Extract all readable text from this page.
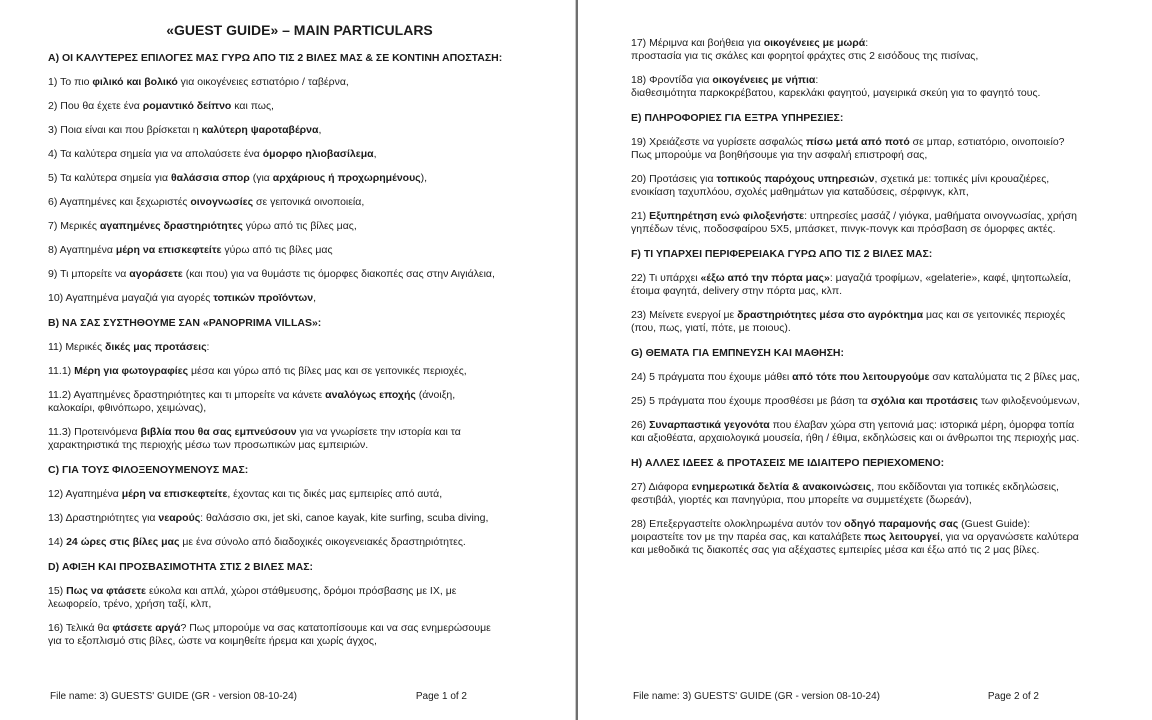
«GUEST GUIDE» – MAIN PARTICULARS

A) ΟΙ ΚΑΛΥΤΕΡΕΣ ΕΠΙΛΟΓΕΣ ΜΑΣ ΓΥΡΩ ΑΠΟ ΤΙΣ 2 ΒΙΛΕΣ ΜΑΣ & ΣΕ ΚΟΝΤΙΝΗ ΑΠΟΣΤΑΣΗ:

1) Το πιο φιλικό και βολικό για οικογένειες εστιατόριο / ταβέρνα,

2) Που θα έχετε ένα ρομαντικό δείπνο και πως,

3) Ποια είναι και που βρίσκεται η καλύτερη ψαροταβέρνα,

4) Τα καλύτερα σημεία για να απολαύσετε ένα όμορφο ηλιοβασίλεμα,

5) Τα καλύτερα σημεία για θαλάσσια σπορ (για αρχάριους ή προχωρημένους),

6) Αγαπημένες και ξεχωριστές οινογνωσίες σε γειτονικά οινοποιεία,

7) Μερικές αγαπημένες δραστηριότητες γύρω από τις βίλες μας,

8) Αγαπημένα μέρη να επισκεφτείτε γύρω από τις βίλες μας

9) Τι μπορείτε να αγοράσετε (και που) για να θυμάστε τις όμορφες διακοπές σας στην Αιγιάλεια,

10) Αγαπημένα μαγαζιά για αγορές τοπικών προϊόντων,

B) ΝΑ ΣΑΣ ΣΥΣΤΗΘΟΥΜΕ ΣΑΝ «PANOPRIMA VILLAS»:

11) Μερικές δικές μας προτάσεις:

11.1) Μέρη για φωτογραφίες μέσα και γύρω από τις βίλες μας και σε γειτονικές περιοχές,

11.2) Αγαπημένες δραστηριότητες και τι μπορείτε να κάνετε αναλόγως εποχής (άνοιξη,
καλοκαίρι, φθινόπωρο, χειμώνας),

11.3) Προτεινόμενα βιβλία που θα σας εμπνεύσουν για να γνωρίσετε την ιστορία και τα
χαρακτηριστικά της περιοχής μέσω των προσωπικών μας εμπειριών.

C) ΓΙΑ ΤΟΥΣ ΦΙΛΟΞΕΝΟΥΜΕΝΟΥΣ ΜΑΣ:

12) Αγαπημένα μέρη να επισκεφτείτε, έχοντας και τις δικές μας εμπειρίες από αυτά,

13) Δραστηριότητες για νεαρούς: θαλάσσιο σκι, jet ski, canoe kayak, kite surfing, scuba diving,

14) 24 ώρες στις βίλες μας με ένα σύνολο από διαδοχικές οικογενειακές δραστηριότητες.

D) ΑΦΙΞΗ ΚΑΙ ΠΡΟΣΒΑΣΙΜΟΤΗΤΑ ΣΤΙΣ 2 ΒΙΛΕΣ ΜΑΣ:

15) Πως να φτάσετε εύκολα και απλά, χώροι στάθμευσης, δρόμοι πρόσβασης με ΙΧ, με
λεωφορείο, τρένο, χρήση ταξί, κλπ,

16) Τελικά θα φτάσετε αργά? Πως μπορούμε να σας κατατοπίσουμε και να σας ενημερώσουμε
για το εξοπλισμό στις βίλες, ώστε να κοιμηθείτε ήρεμα και χωρίς άγχος,

File name: 3) GUESTS' GUIDE (GR - version 08-10-24)	Page 1 of 2

17) Μέριμνα και βοήθεια για οικογένειες με μωρά:
προστασία για τις σκάλες και φορητοί φράχτες στις 2 εισόδους της πισίνας,

18) Φροντίδα για οικογένειες με νήπια:
διαθεσιμότητα παρκοκρέβατου, καρεκλάκι φαγητού, μαγειρικά σκεύη για το φαγητό τους.

E) ΠΛΗΡΟΦΟΡΙΕΣ ΓΙΑ ΕΞΤΡΑ ΥΠΗΡΕΣΙΕΣ:

19) Χρειάζεστε να γυρίσετε ασφαλώς πίσω μετά από ποτό σε μπαρ, εστιατόριο, οινοποιείο?
Πως μπορούμε να βοηθήσουμε για την ασφαλή επιστροφή σας,

20) Προτάσεις για τοπικούς παρόχους υπηρεσιών, σχετικά με: τοπικές μίνι κρουαζιέρες,
ενοικίαση ταχυπλόου, σχολές μαθημάτων για καταδύσεις, σέρφινγκ, κλπ,

21) Εξυπηρέτηση ενώ φιλοξενήστε: υπηρεσίες μασάζ / γιόγκα, μαθήματα οινογνωσίας, χρήση
γηπέδων τένις, ποδοσφαίρου 5Χ5, μπάσκετ, πινγκ-πονγκ και πρόσβαση σε όμορφες ακτές.

F) ΤΙ ΥΠΑΡΧΕΙ ΠΕΡΙΦΕΡΕΙΑΚΑ ΓΥΡΩ ΑΠΟ ΤΙΣ 2 ΒΙΛΕΣ ΜΑΣ:

22) Τι υπάρχει «έξω από την πόρτα μας»: μαγαζιά τροφίμων, «gelaterie», καφέ, ψητοπωλεία,
έτοιμα φαγητά, delivery στην πόρτα μας, κλπ.

23) Μείνετε ενεργοί με δραστηριότητες μέσα στο αγρόκτημα μας και σε γειτονικές περιοχές
(που, πως, γιατί, πότε, με ποιους).

G) ΘΕΜΑΤΑ ΓΙΑ ΕΜΠΝΕΥΣΗ ΚΑΙ ΜΑΘΗΣΗ:

24) 5 πράγματα που έχουμε μάθει από τότε που λειτουργούμε σαν καταλύματα τις 2 βίλες μας,

25) 5 πράγματα που έχουμε προσθέσει με βάση τα σχόλια και προτάσεις των φιλοξενούμενων,

26) Συναρπαστικά γεγονότα που έλαβαν χώρα στη γειτονιά μας: ιστορικά μέρη, όμορφα τοπία
και αξιοθέατα, αρχαιολογικά μουσεία, ήθη / έθιμα, εκδηλώσεις και οι άνθρωποι της περιοχής μας.

H) ΑΛΛΕΣ ΙΔΕΕΣ & ΠΡΟΤΑΣΕΙΣ ΜΕ ΙΔΙΑΙΤΕΡΟ ΠΕΡΙΕΧΟΜΕΝΟ:

27) Διάφορα ενημερωτικά δελτία & ανακοινώσεις, που εκδίδονται για τοπικές εκδηλώσεις,
φεστιβάλ, γιορτές και πανηγύρια, που μπορείτε να συμμετέχετε (δωρεάν),

28) Επεξεργαστείτε ολοκληρωμένα αυτόν τον οδηγό παραμονής σας (Guest Guide):
μοιραστείτε τον με την παρέα σας, και καταλάβετε πως λειτουργεί, για να οργανώσετε καλύτερα
και μεθοδικά τις διακοπές σας για αξέχαστες εμπειρίες μέσα και έξω από τις 2 μας βίλες.

File name: 3) GUESTS' GUIDE (GR - version 08-10-24)	Page 2 of 2
